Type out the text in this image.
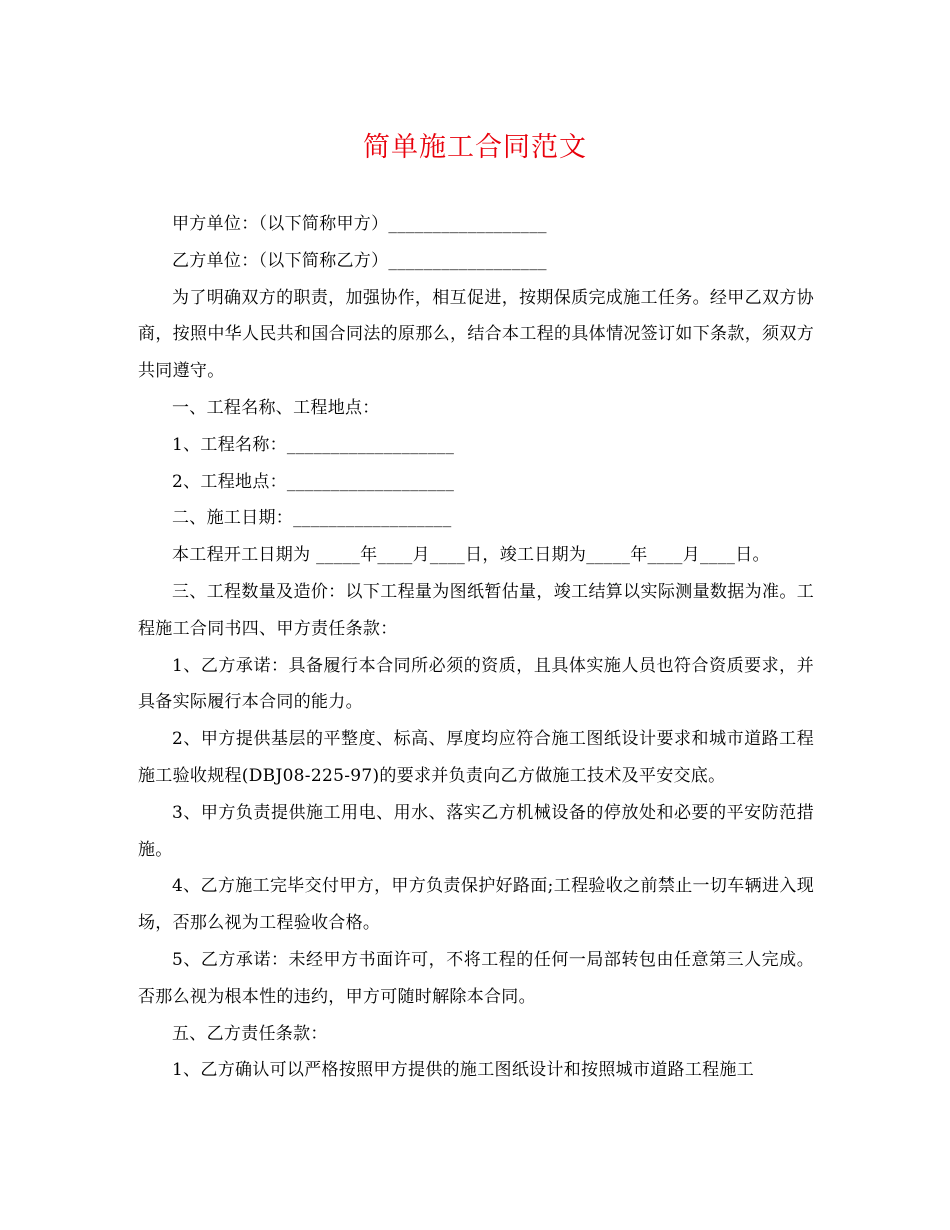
简单施工合同范文

甲方单位：（以下简称甲方）__________________

乙方单位：（以下简称乙方）__________________

为了明确双方的职责，加强协作，相互促进，按期保质完成施工任务。经甲乙双方协商，按照中华人民共和国合同法的原那么，结合本工程的具体情况签订如下条款，须双方共同遵守。

一、工程名称、工程地点：

1、工程名称：___________________

2、工程地点：___________________

二、施工日期：__________________

本工程开工日期为 _____年____月____日，竣工日期为_____年____月____日。

三、工程数量及造价：以下工程量为图纸暂估量，竣工结算以实际测量数据为准。工程施工合同书四、甲方责任条款：

1、乙方承诺：具备履行本合同所必须的资质，且具体实施人员也符合资质要求，并具备实际履行本合同的能力。

2、甲方提供基层的平整度、标高、厚度均应符合施工图纸设计要求和城市道路工程施工验收规程(DBJ08-225-97)的要求并负责向乙方做施工技术及平安交底。

3、甲方负责提供施工用电、用水、落实乙方机械设备的停放处和必要的平安防范措施。

4、乙方施工完毕交付甲方，甲方负责保护好路面;工程验收之前禁止一切车辆进入现场，否那么视为工程验收合格。

5、乙方承诺：未经甲方书面许可，不将工程的任何一局部转包由任意第三人完成。否那么视为根本性的违约，甲方可随时解除本合同。

五、乙方责任条款：

1、乙方确认可以严格按照甲方提供的施工图纸设计和按照城市道路工程施工
